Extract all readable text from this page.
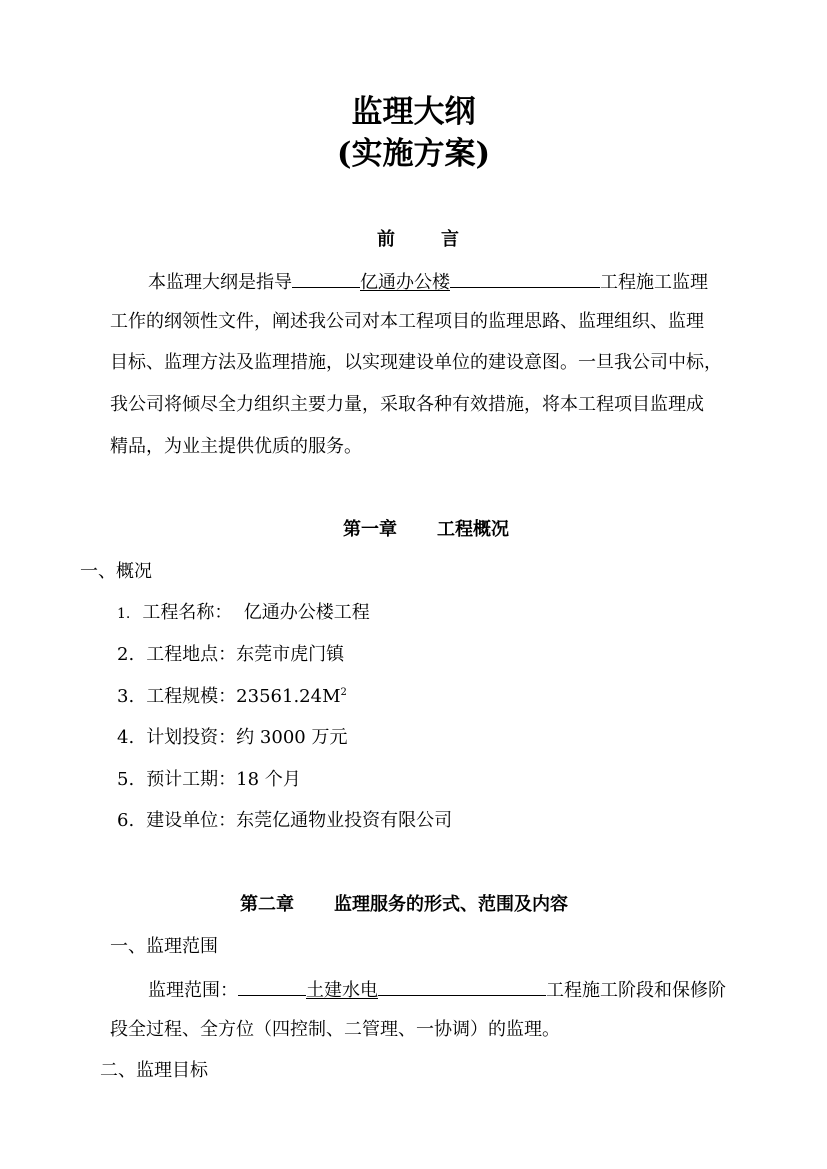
监理大纲
(实施方案)
前	言
本监理大纲是指导	亿通办公楼	工程施工监理
工作的纲领性文件，阐述我公司对本工程项目的监理思路、监理组织、监理
目标、监理方法及监理措施，以实现建设单位的建设意图。一旦我公司中标，
我公司将倾尽全力组织主要力量，采取各种有效措施，将本工程项目监理成
精品，为业主提供优质的服务。
第一章 工程概况
一、概况
1. 工程名称：  亿通办公楼工程
2. 工程地点：东莞市虎门镇
3. 工程规模：$23561.24M^2$
4. 计划投资：约 3000 万元
5. 预计工期：18 个月
6. 建设单位：东莞亿通物业投资有限公司
第二章 监理服务的形式、范围及内容
一、监理范围
监理范围：	土建水电	工程施工阶段和保修阶
段全过程、全方位（四控制、二管理、一协调）的监理。
二、监理目标
